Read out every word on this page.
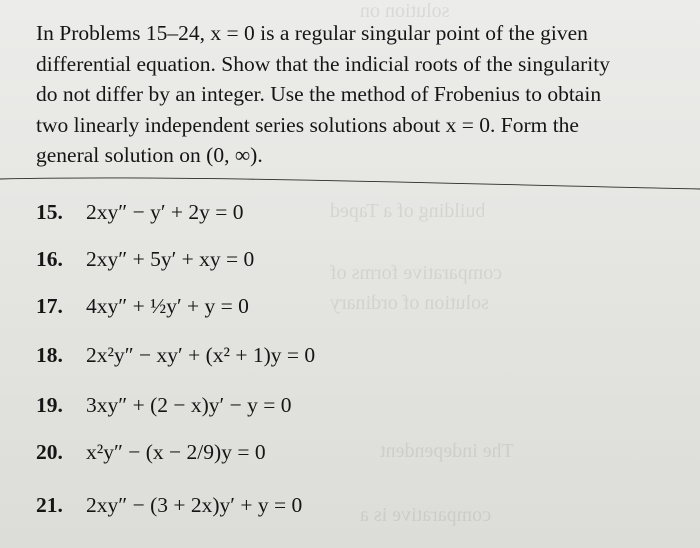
solution on
building of a Taped
comparative forms of
solution of ordinary
The independent
comparative is a

In Problems 15–24, x = 0 is a regular singular point of the given differential equation. Show that the indicial roots of the singularity do not differ by an integer. Use the method of Frobenius to obtain two linearly independent series solutions about x = 0. Form the general solution on (0, ∞).

15. 2xy″ − y′ + 2y = 0
16. 2xy″ + 5y′ + xy = 0
17. 4xy″ + ½y′ + y = 0
18. 2x²y″ − xy′ + (x² + 1)y = 0
19. 3xy″ + (2 − x)y′ − y = 0
20. x²y″ − (x − 2/9)y = 0
21. 2xy″ − (3 + 2x)y′ + y = 0
